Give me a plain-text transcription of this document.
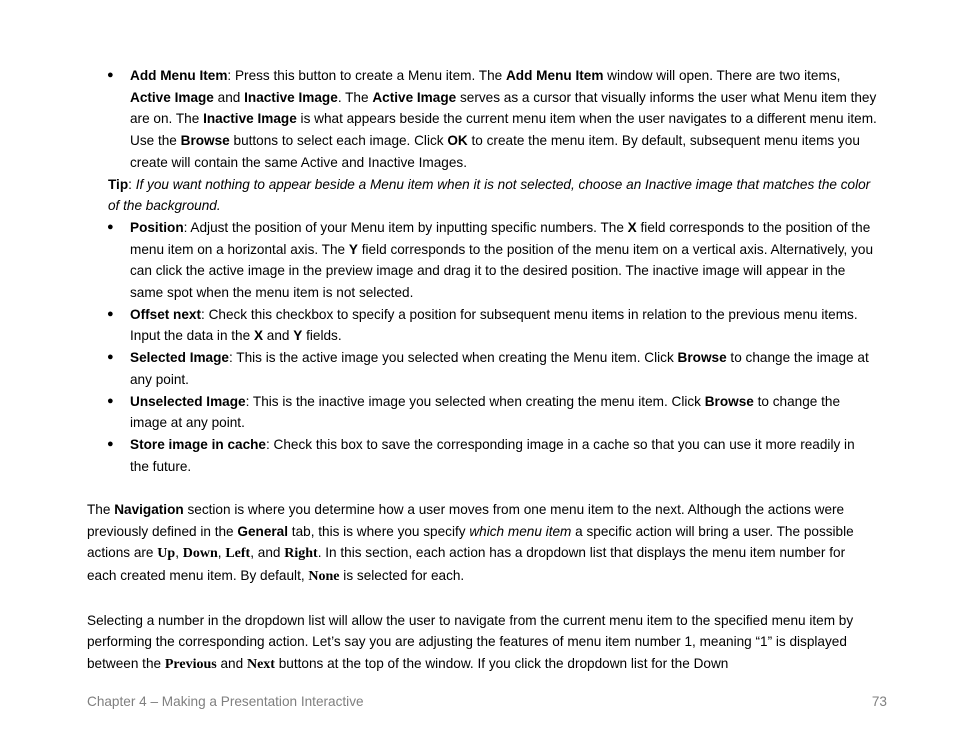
● Add Menu Item: Press this button to create a Menu item. The Add Menu Item window will open. There are two items, Active Image and Inactive Image. The Active Image serves as a cursor that visually informs the user what Menu item they are on. The Inactive Image is what appears beside the current menu item when the user navigates to a different menu item. Use the Browse buttons to select each image. Click OK to create the menu item. By default, subsequent menu items you create will contain the same Active and Inactive Images.

Tip: If you want nothing to appear beside a Menu item when it is not selected, choose an Inactive image that matches the color of the background.

● Position: Adjust the position of your Menu item by inputting specific numbers. The X field corresponds to the position of the menu item on a horizontal axis. The Y field corresponds to the position of the menu item on a vertical axis. Alternatively, you can click the active image in the preview image and drag it to the desired position. The inactive image will appear in the same spot when the menu item is not selected.
● Offset next: Check this checkbox to specify a position for subsequent menu items in relation to the previous menu items. Input the data in the X and Y fields.
● Selected Image: This is the active image you selected when creating the Menu item. Click Browse to change the image at any point.
● Unselected Image: This is the inactive image you selected when creating the menu item. Click Browse to change the image at any point.
● Store image in cache: Check this box to save the corresponding image in a cache so that you can use it more readily in the future.

The Navigation section is where you determine how a user moves from one menu item to the next. Although the actions were previously defined in the General tab, this is where you specify which menu item a specific action will bring a user. The possible actions are Up, Down, Left, and Right. In this section, each action has a dropdown list that displays the menu item number for each created menu item. By default, None is selected for each.

Selecting a number in the dropdown list will allow the user to navigate from the current menu item to the specified menu item by performing the corresponding action. Let’s say you are adjusting the features of menu item number 1, meaning “1” is displayed between the Previous and Next buttons at the top of the window. If you click the dropdown list for the Down

Chapter 4 – Making a Presentation Interactive	73
